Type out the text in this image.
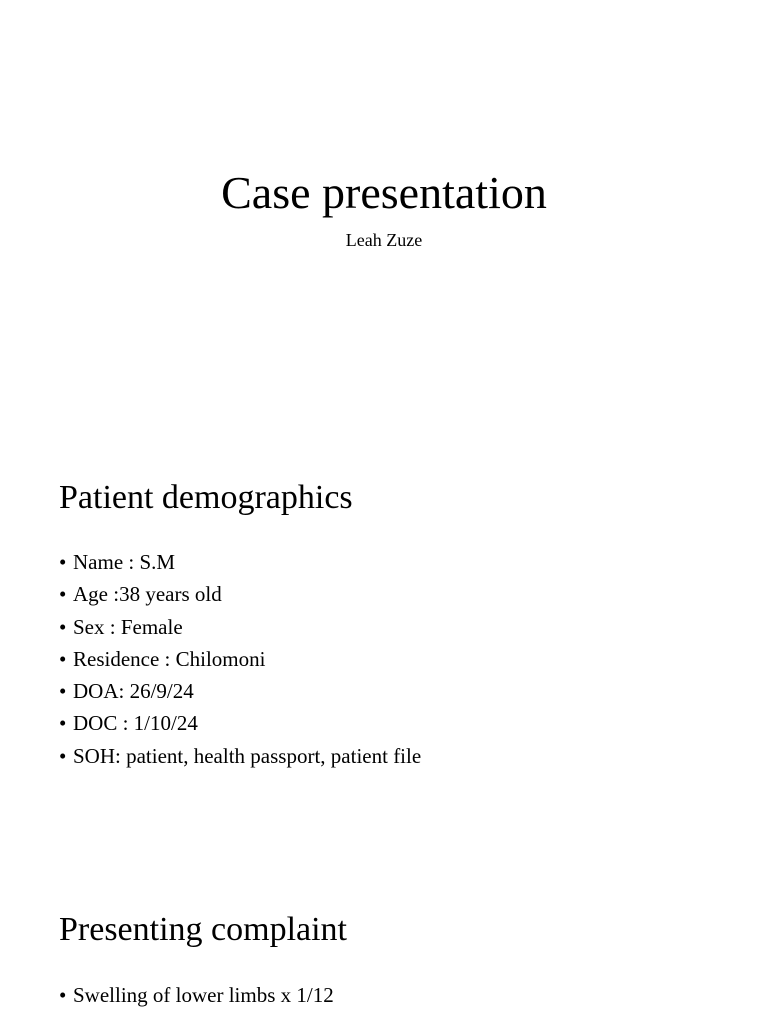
Case presentation
Leah Zuze
Patient demographics
• Name : S.M
• Age :38 years old
• Sex : Female
• Residence : Chilomoni
• DOA: 26/9/24
• DOC : 1/10/24
• SOH: patient, health passport, patient file
Presenting complaint
• Swelling of lower limbs x 1/12
